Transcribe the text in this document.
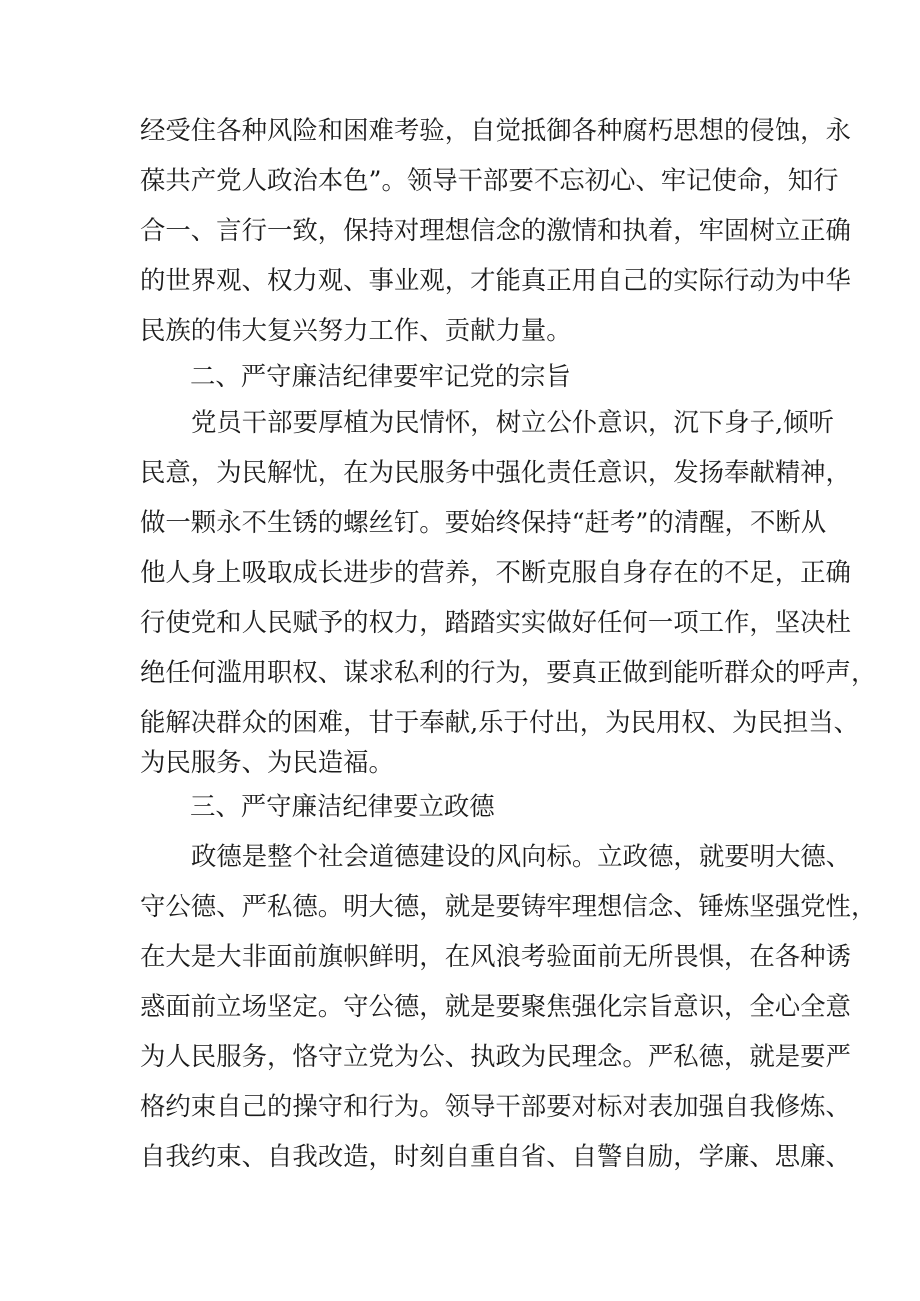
经受住各种风险和困难考验，自觉抵御各种腐朽思想的侵蚀，永
葆共产党人政治本色”。领导干部要不忘初心、牢记使命，知行
合一、言行一致，保持对理想信念的激情和执着，牢固树立正确
的世界观、权力观、事业观，才能真正用自己的实际行动为中华
民族的伟大复兴努力工作、贡献力量。
二、严守廉洁纪律要牢记党的宗旨
党员干部要厚植为民情怀，树立公仆意识，沉下身子,倾听
民意，为民解忧，在为民服务中强化责任意识，发扬奉献精神，
做一颗永不生锈的螺丝钉。要始终保持“赶考”的清醒，不断从
他人身上吸取成长进步的营养，不断克服自身存在的不足，正确
行使党和人民赋予的权力，踏踏实实做好任何一项工作，坚决杜
绝任何滥用职权、谋求私利的行为，要真正做到能听群众的呼声，
能解决群众的困难，甘于奉献,乐于付出，为民用权、为民担当、
为民服务、为民造福。
三、严守廉洁纪律要立政德
政德是整个社会道德建设的风向标。立政德，就要明大德、
守公德、严私德。明大德，就是要铸牢理想信念、锤炼坚强党性，
在大是大非面前旗帜鲜明，在风浪考验面前无所畏惧，在各种诱
惑面前立场坚定。守公德，就是要聚焦强化宗旨意识，全心全意
为人民服务，恪守立党为公、执政为民理念。严私德，就是要严
格约束自己的操守和行为。领导干部要对标对表加强自我修炼、
自我约束、自我改造，时刻自重自省、自警自励，学廉、思廉、
